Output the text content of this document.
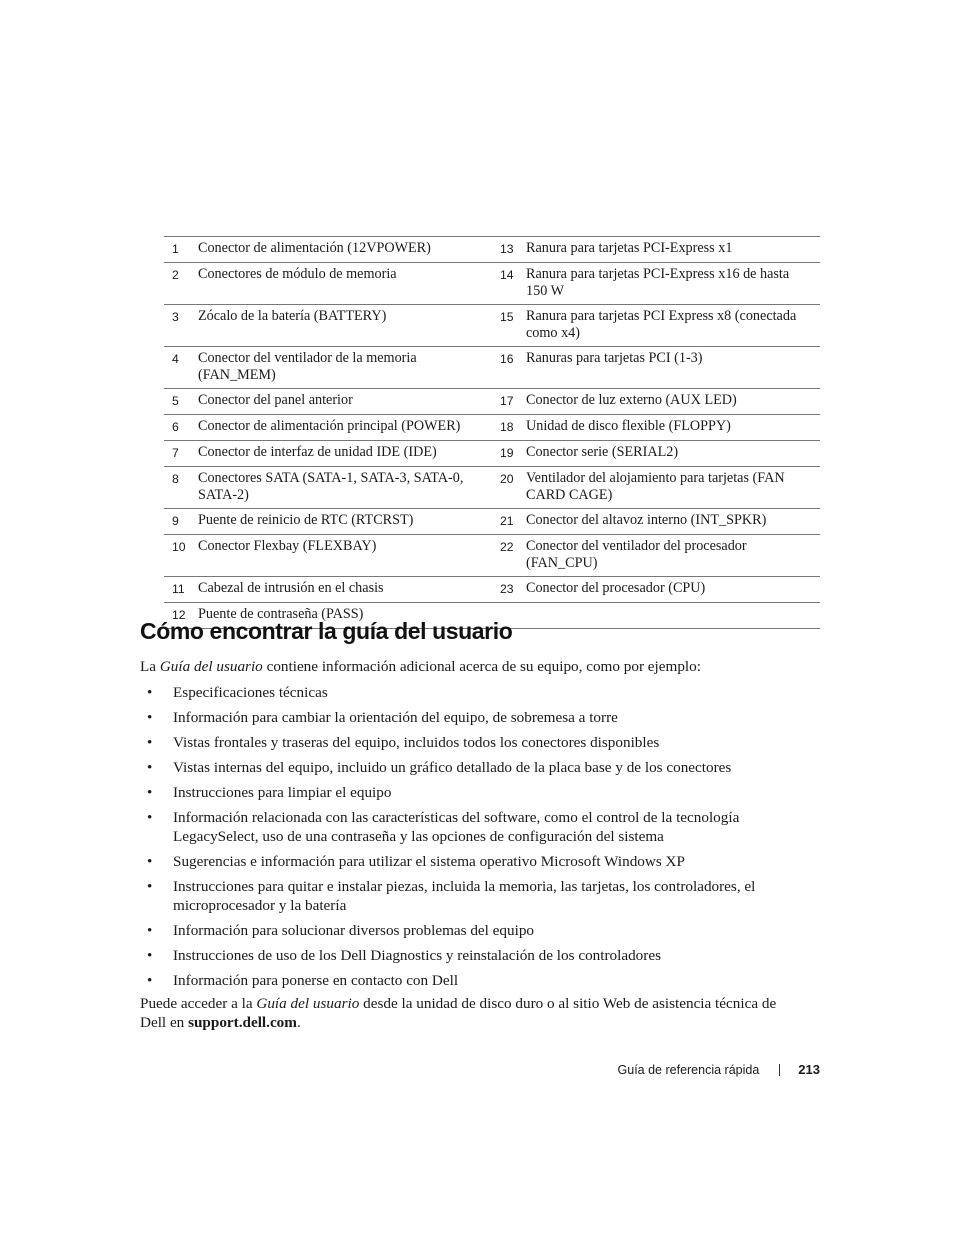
1	Conector de alimentación (12VPOWER)	13	Ranura para tarjetas PCI-Express x1
2	Conectores de módulo de memoria	14	Ranura para tarjetas PCI-Express x16 de hasta 150 W
3	Zócalo de la batería (BATTERY)	15	Ranura para tarjetas PCI Express x8 (conectada como x4)
4	Conector del ventilador de la memoria (FAN_MEM)	16	Ranuras para tarjetas PCI (1-3)
5	Conector del panel anterior	17	Conector de luz externo (AUX LED)
6	Conector de alimentación principal (POWER)	18	Unidad de disco flexible (FLOPPY)
7	Conector de interfaz de unidad IDE (IDE)	19	Conector serie (SERIAL2)
8	Conectores SATA (SATA-1, SATA-3, SATA-0, SATA-2)	20	Ventilador del alojamiento para tarjetas (FAN CARD CAGE)
9	Puente de reinicio de RTC (RTCRST)	21	Conector del altavoz interno (INT_SPKR)
10	Conector Flexbay (FLEXBAY)	22	Conector del ventilador del procesador (FAN_CPU)
11	Cabezal de intrusión en el chasis	23	Conector del procesador (CPU)
12	Puente de contraseña (PASS)		
Cómo encontrar la guía del usuario

La Guía del usuario contiene información adicional acerca de su equipo, como por ejemplo:

• Especificaciones técnicas
• Información para cambiar la orientación del equipo, de sobremesa a torre
• Vistas frontales y traseras del equipo, incluidos todos los conectores disponibles
• Vistas internas del equipo, incluido un gráfico detallado de la placa base y de los conectores
• Instrucciones para limpiar el equipo
• Información relacionada con las características del software, como el control de la tecnología LegacySelect, uso de una contraseña y las opciones de configuración del sistema
• Sugerencias e información para utilizar el sistema operativo Microsoft Windows XP
• Instrucciones para quitar e instalar piezas, incluida la memoria, las tarjetas, los controladores, el microprocesador y la batería
• Información para solucionar diversos problemas del equipo
• Instrucciones de uso de los Dell Diagnostics y reinstalación de los controladores
• Información para ponerse en contacto con Dell

Puede acceder a la Guía del usuario desde la unidad de disco duro o al sitio Web de asistencia técnica de Dell en support.dell.com.

Guía de referencia rápida	213
